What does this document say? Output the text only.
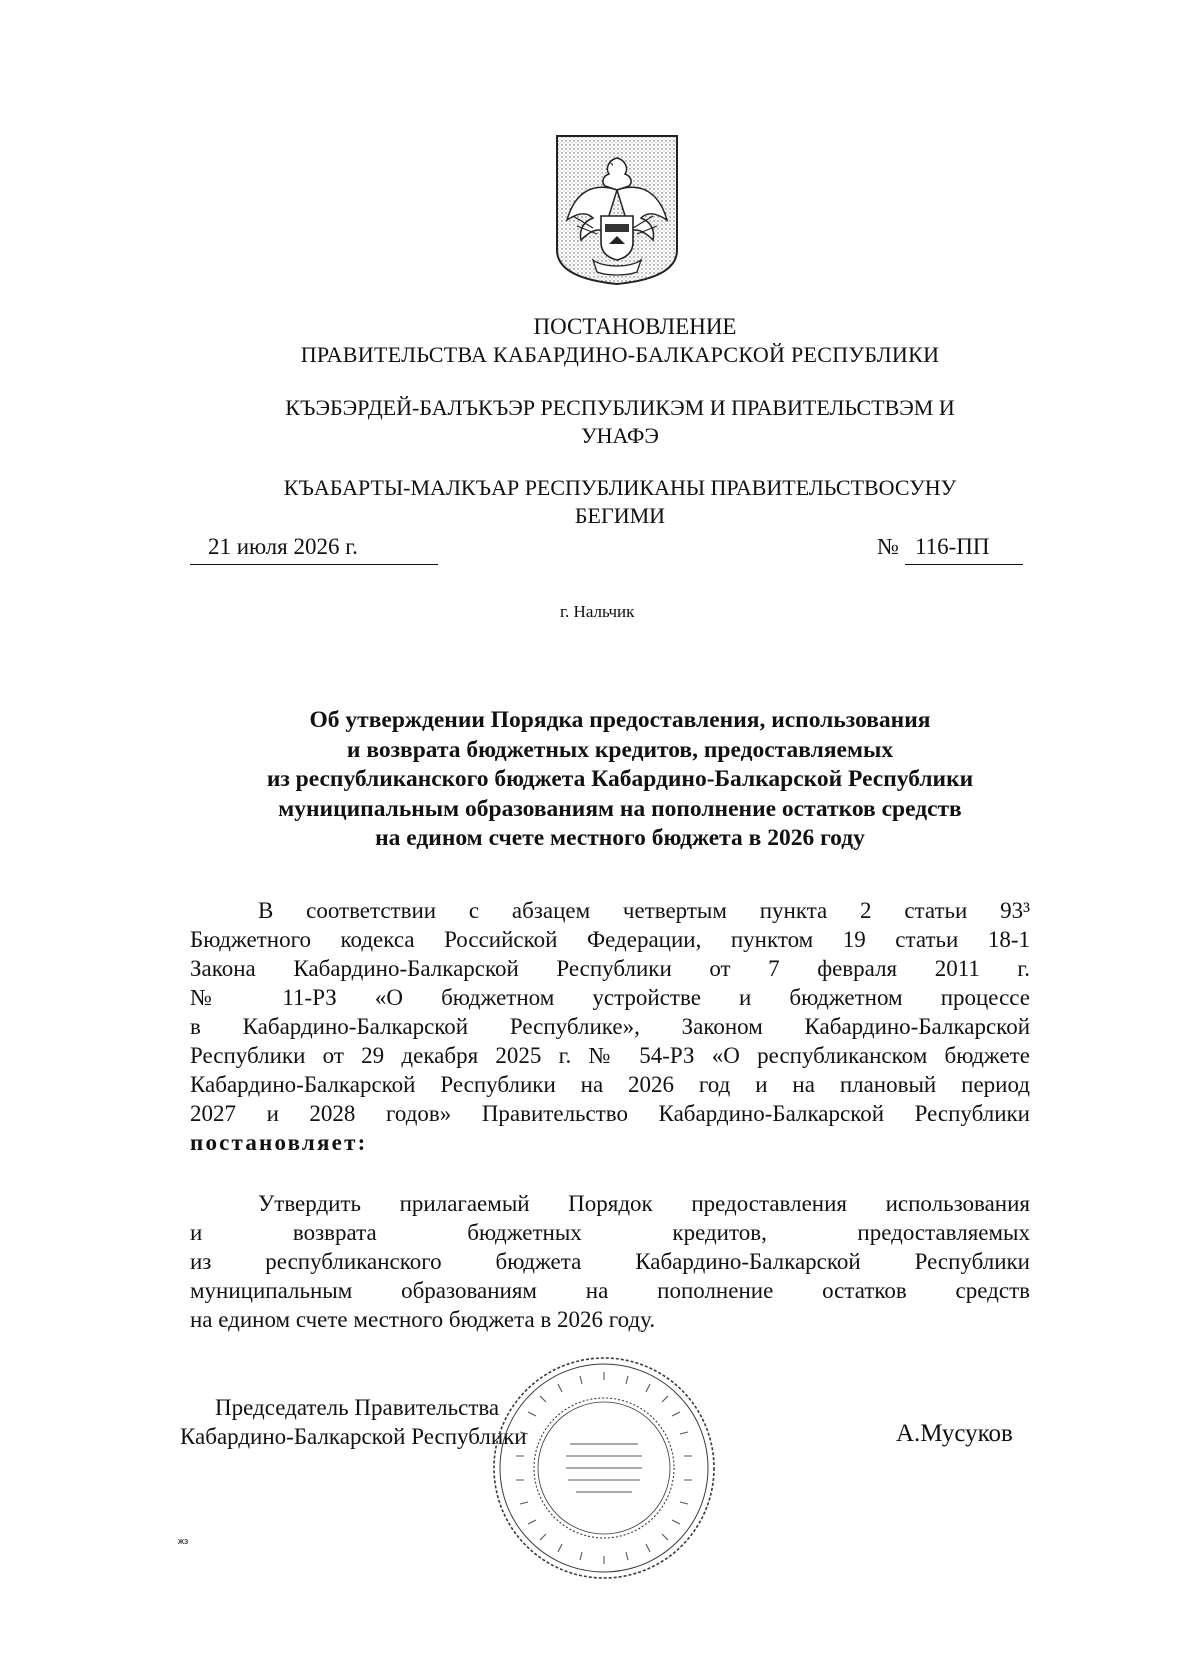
ПОСТАНОВЛЕНИЕ
ПРАВИТЕЛЬСТВА КАБАРДИНО-БАЛКАРСКОЙ РЕСПУБЛИКИ
КЪЭБЭРДЕЙ-БАЛЪКЪЭР РЕСПУБЛИКЭМ И ПРАВИТЕЛЬСТВЭМ И
УНАФЭ
КЪАБАРТЫ-МАЛКЪАР РЕСПУБЛИКАНЫ ПРАВИТЕЛЬСТВОСУНУ
БЕГИМИ
21 июля 2026 г.	№ 116-ПП
г. Нальчик
Об утверждении Порядка предоставления, использования
и возврата бюджетных кредитов, предоставляемых
из республиканского бюджета Кабардино-Балкарской Республики
муниципальным образованиям на пополнение остатков средств
на едином счете местного бюджета в 2026 году
В соответствии с абзацем четвертым пункта 2 статьи 93³
Бюджетного кодекса Российской Федерации, пунктом 19 статьи 18-1
Закона Кабардино-Балкарской Республики от 7 февраля 2011 г.
№ 11-РЗ «О бюджетном устройстве и бюджетном процессе
в Кабардино-Балкарской Республике», Законом Кабардино-Балкарской
Республики от 29 декабря 2025 г. № 54-РЗ «О республиканском бюджете
Кабардино-Балкарской Республики на 2026 год и на плановый период
2027 и 2028 годов» Правительство Кабардино-Балкарской Республики
постановляет:
Утвердить прилагаемый Порядок предоставления использования
и возврата бюджетных кредитов, предоставляемых
из республиканского бюджета Кабардино-Балкарской Республики
муниципальным образованиям на пополнение остатков средств
на едином счете местного бюджета в 2026 году.
Председатель Правительства
Кабардино-Балкарской Республики	А.Мусуков
жз
